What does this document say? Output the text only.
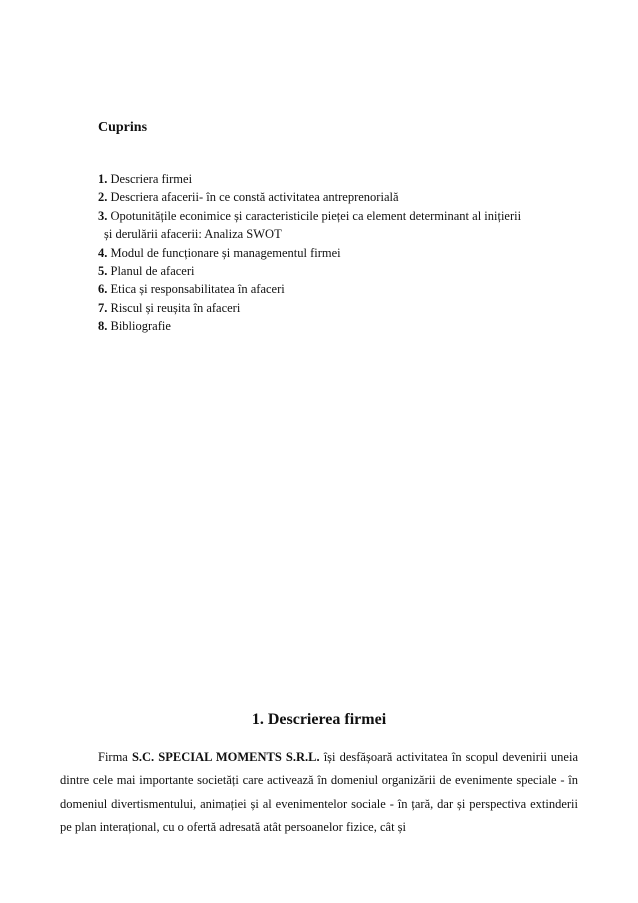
Cuprins
1. Descriera firmei
2. Descriera afacerii- în ce constă activitatea antreprenorială
3. Opotunitățile econimice și caracteristicile pieței ca element determinant al inițierii
și derulării afacerii: Analiza SWOT
4. Modul de funcționare și managementul firmei
5. Planul de afaceri
6. Etica și responsabilitatea în afaceri
7. Riscul și reușita în afaceri
8. Bibliografie
1. Descrierea firmei

Firma S.C. SPECIAL MOMENTS S.R.L. își desfășoară activitatea în scopul devenirii uneia dintre cele mai importante societăți care activează în domeniul organizării de evenimente speciale - în domeniul divertismentului, animației și al evenimentelor sociale - în țară, dar și perspectiva extinderii pe plan interațional, cu o ofertă adresată atât persoanelor fizice, cât și
